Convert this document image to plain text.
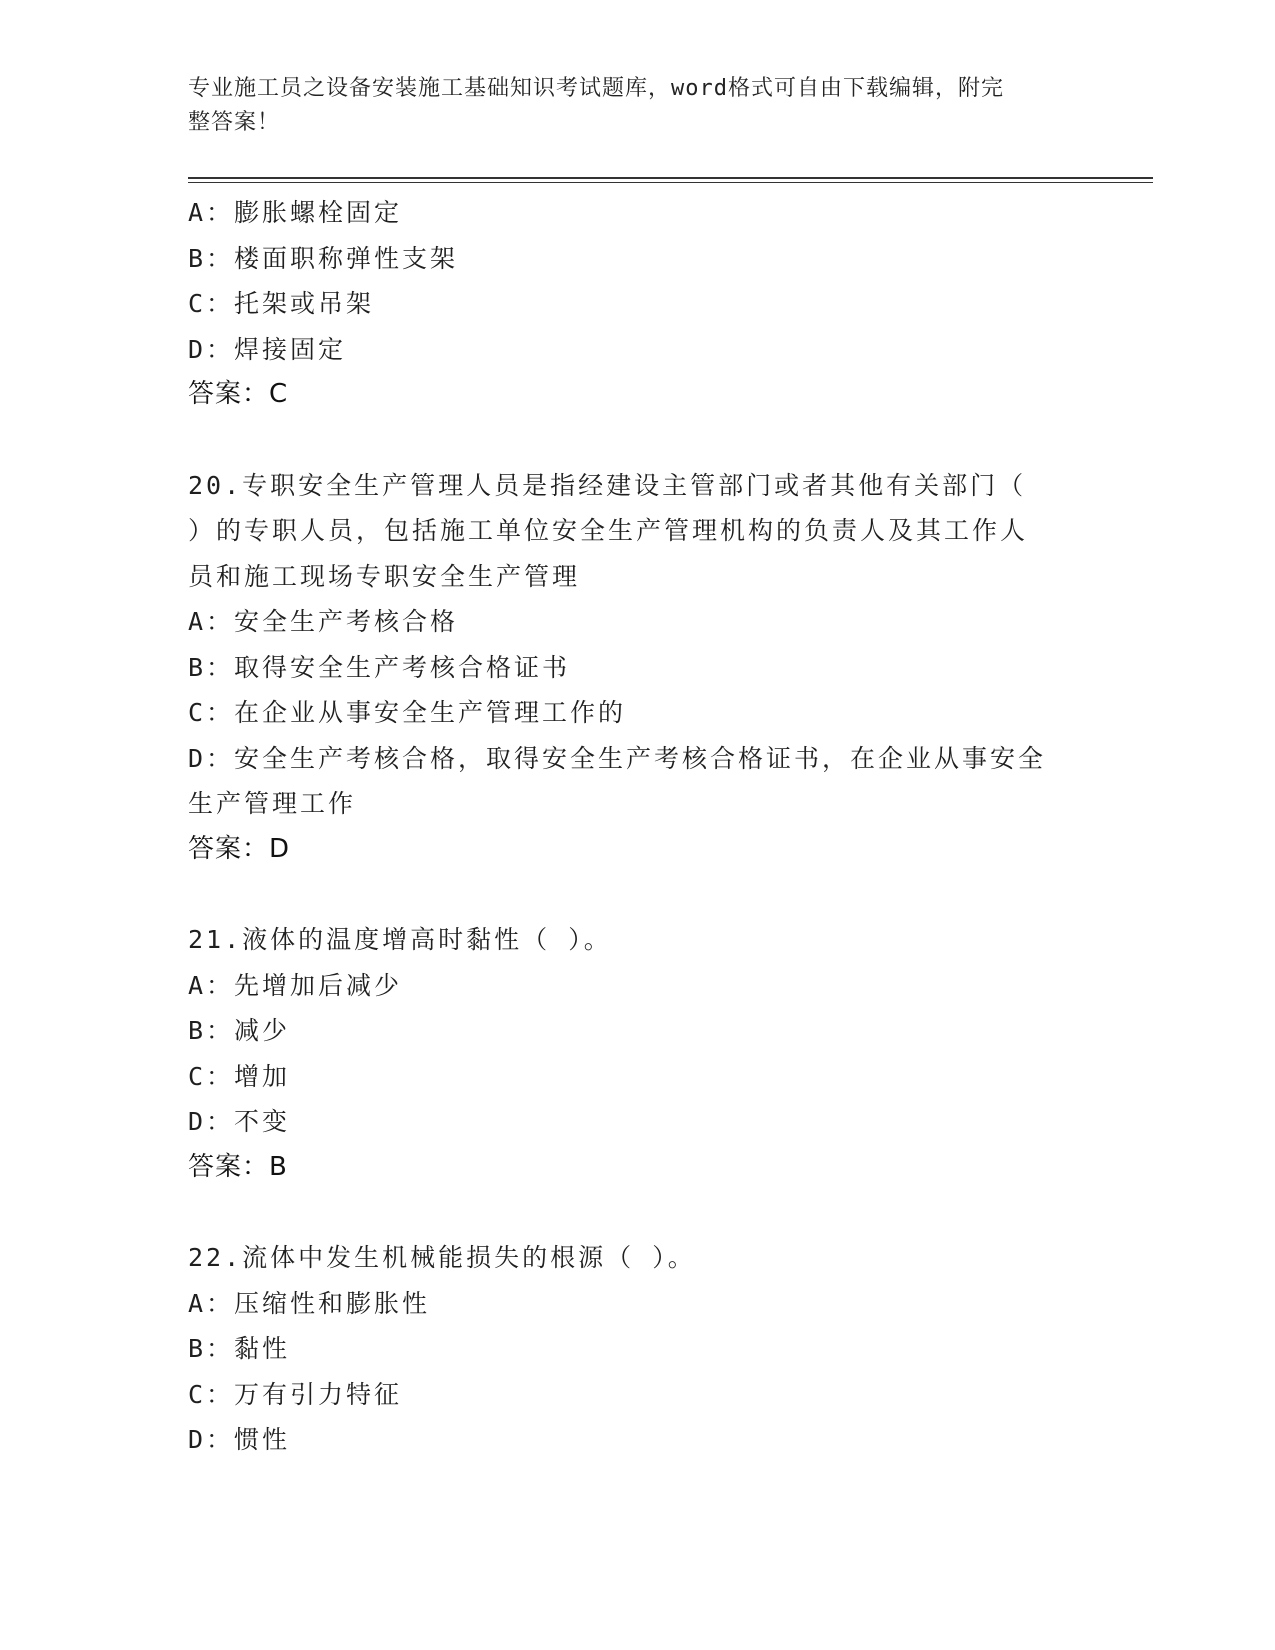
专业施工员之设备安装施工基础知识考试题库，word格式可自由下载编辑，附完
整答案！
A：膨胀螺栓固定
B：楼面职称弹性支架
C：托架或吊架
D：焊接固定
答案：C
20.专职安全生产管理人员是指经建设主管部门或者其他有关部门（
）的专职人员，包括施工单位安全生产管理机构的负责人及其工作人
员和施工现场专职安全生产管理
A：安全生产考核合格
B：取得安全生产考核合格证书
C：在企业从事安全生产管理工作的
D：安全生产考核合格，取得安全生产考核合格证书，在企业从事安全
生产管理工作
答案：D
21.液体的温度增高时黏性（ ）。
A：先增加后减少
B：减少
C：增加
D：不变
答案：B
22.流体中发生机械能损失的根源（ ）。
A：压缩性和膨胀性
B：黏性
C：万有引力特征
D：惯性
